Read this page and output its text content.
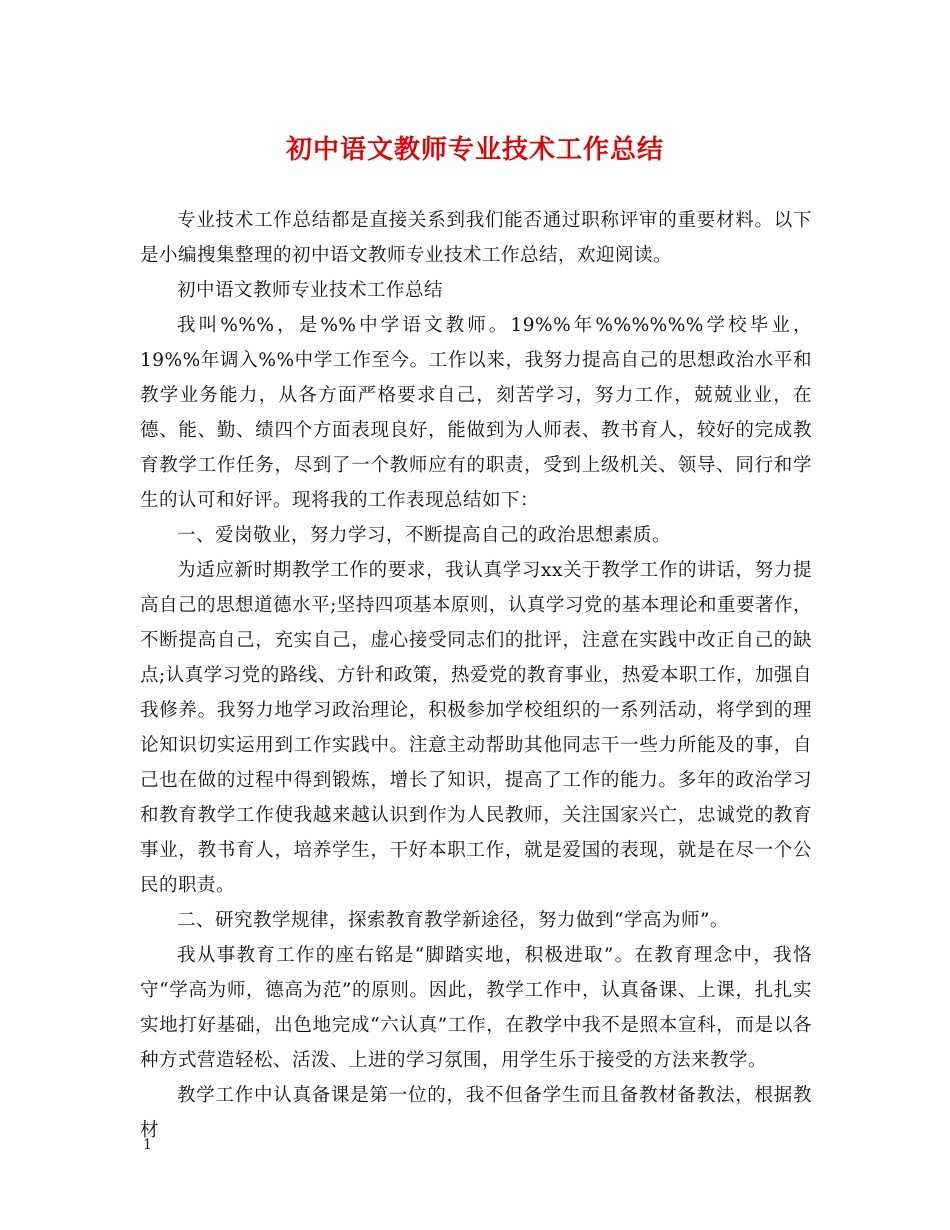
初中语文教师专业技术工作总结

专业技术工作总结都是直接关系到我们能否通过职称评审的重要材料。以下是小编搜集整理的初中语文教师专业技术工作总结，欢迎阅读。

初中语文教师专业技术工作总结

我叫%%%，是%%中学语文教师。19%%年%%%%%%学校毕业，19%%年调入%%中学工作至今。工作以来，我努力提高自己的思想政治水平和教学业务能力，从各方面严格要求自己，刻苦学习，努力工作，兢兢业业，在德、能、勤、绩四个方面表现良好，能做到为人师表、教书育人，较好的完成教育教学工作任务，尽到了一个教师应有的职责，受到上级机关、领导、同行和学生的认可和好评。现将我的工作表现总结如下：

一、爱岗敬业，努力学习，不断提高自己的政治思想素质。

为适应新时期教学工作的要求，我认真学习xx关于教学工作的讲话，努力提高自己的思想道德水平;坚持四项基本原则，认真学习党的基本理论和重要著作，不断提高自己，充实自己，虚心接受同志们的批评，注意在实践中改正自己的缺点;认真学习党的路线、方针和政策，热爱党的教育事业，热爱本职工作，加强自我修养。我努力地学习政治理论，积极参加学校组织的一系列活动，将学到的理论知识切实运用到工作实践中。注意主动帮助其他同志干一些力所能及的事，自己也在做的过程中得到锻炼，增长了知识，提高了工作的能力。多年的政治学习和教育教学工作使我越来越认识到作为人民教师，关注国家兴亡，忠诚党的教育事业，教书育人，培养学生，干好本职工作，就是爱国的表现，就是在尽一个公民的职责。

二、研究教学规律，探索教育教学新途径，努力做到“学高为师”。

我从事教育工作的座右铭是“脚踏实地，积极进取”。在教育理念中，我恪守“学高为师，德高为范”的原则。因此，教学工作中，认真备课、上课，扎扎实实地打好基础，出色地完成“六认真”工作，在教学中我不是照本宣科，而是以各种方式营造轻松、活泼、上进的学习氛围，用学生乐于接受的方法来教学。

教学工作中认真备课是第一位的，我不但备学生而且备教材备教法，根据教材

1
